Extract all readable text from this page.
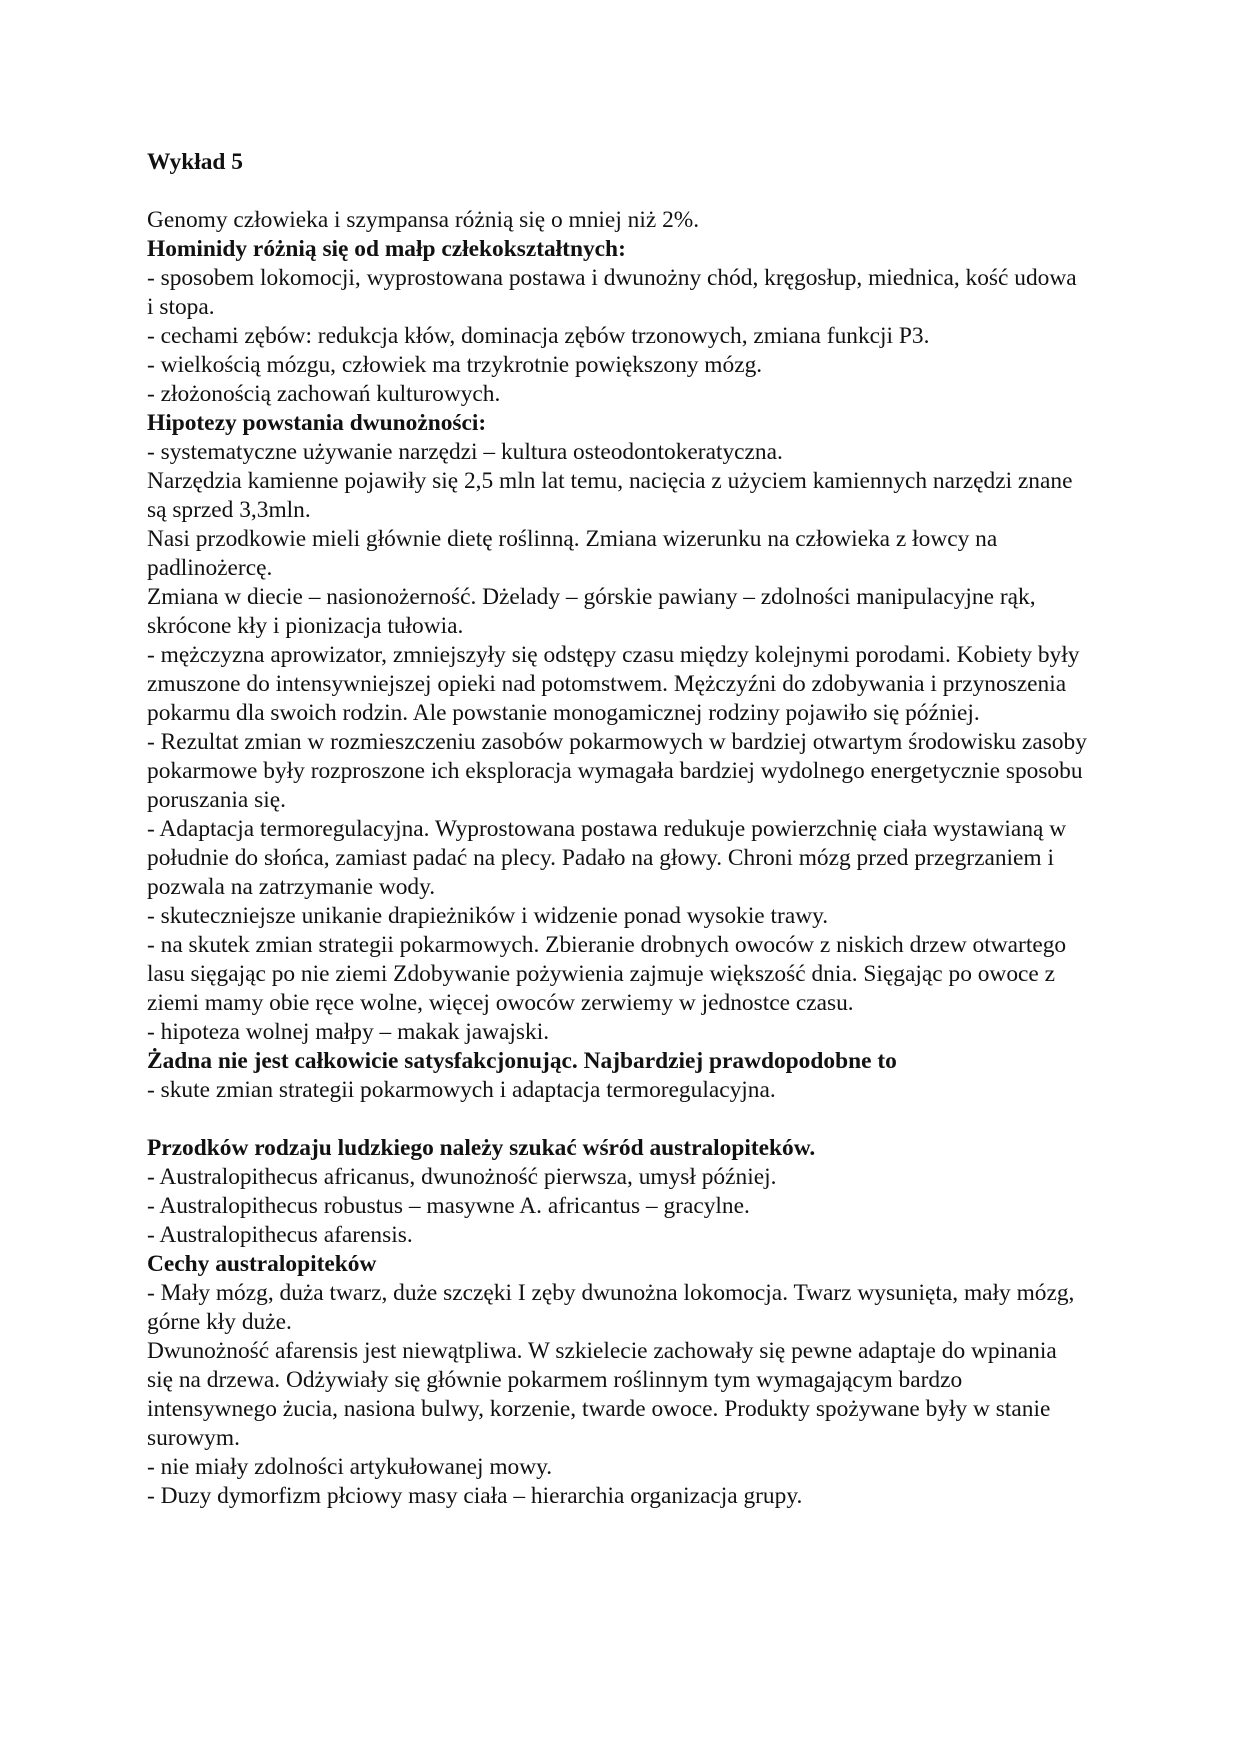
Wykład 5

Genomy człowieka i szympansa różnią się o mniej niż 2%.

Hominidy różnią się od małp człekokształtnych:

- sposobem lokomocji, wyprostowana postawa i dwunożny chód, kręgosłup, miednica, kość udowa i stopa.

- cechami zębów: redukcja kłów, dominacja zębów trzonowych, zmiana funkcji P3.

- wielkością mózgu, człowiek ma trzykrotnie powiększony mózg.

- złożonością zachowań kulturowych.

Hipotezy powstania dwunożności:

- systematyczne używanie narzędzi – kultura osteodontokeratyczna.

Narzędzia kamienne pojawiły się 2,5 mln lat temu, nacięcia z użyciem kamiennych narzędzi znane są sprzed 3,3mln.

Nasi przodkowie mieli głównie dietę roślinną. Zmiana wizerunku na człowieka z łowcy na padlinożercę.

Zmiana w diecie – nasionożerność. Dżelady – górskie pawiany – zdolności manipulacyjne rąk, skrócone kły i pionizacja tułowia.

- mężczyzna aprowizator, zmniejszyły się odstępy czasu między kolejnymi porodami. Kobiety były zmuszone do intensywniejszej opieki nad potomstwem. Mężczyźni do zdobywania i przynoszenia pokarmu dla swoich rodzin. Ale powstanie monogamicznej rodziny pojawiło się później.

- Rezultat zmian w rozmieszczeniu zasobów pokarmowych w bardziej otwartym środowisku zasoby pokarmowe były rozproszone ich eksploracja wymagała bardziej wydolnego energetycznie sposobu poruszania się.

- Adaptacja termoregulacyjna. Wyprostowana postawa redukuje powierzchnię ciała wystawianą w południe do słońca, zamiast padać na plecy. Padało na głowy. Chroni mózg przed przegrzaniem i pozwala na zatrzymanie wody.

- skuteczniejsze unikanie drapieżników i widzenie ponad wysokie trawy.

- na skutek zmian strategii pokarmowych. Zbieranie drobnych owoców z niskich drzew otwartego lasu sięgając po nie ziemi Zdobywanie pożywienia zajmuje większość dnia. Sięgając po owoce z ziemi mamy obie ręce wolne, więcej owoców zerwiemy w jednostce czasu.

- hipoteza wolnej małpy – makak jawajski.

Żadna nie jest całkowicie satysfakcjonując. Najbardziej prawdopodobne to

- skute zmian strategii pokarmowych i adaptacja termoregulacyjna.

Przodków rodzaju ludzkiego należy szukać wśród australopiteków.

- Australopithecus africanus, dwunożność pierwsza, umysł później.

- Australopithecus robustus – masywne A. africantus – gracylne.

- Australopithecus afarensis.

Cechy australopiteków

- Mały mózg, duża twarz, duże szczęki I zęby dwunożna lokomocja. Twarz wysunięta, mały mózg, górne kły duże.

Dwunożność afarensis jest niewątpliwa. W szkielecie zachowały się pewne adaptaje do wpinania się na drzewa. Odżywiały się głównie pokarmem roślinnym tym wymagającym bardzo intensywnego żucia, nasiona bulwy, korzenie, twarde owoce. Produkty spożywane były w stanie surowym.

- nie miały zdolności artykułowanej mowy.

- Duzy dymorfizm płciowy masy ciała – hierarchia organizacja grupy.
